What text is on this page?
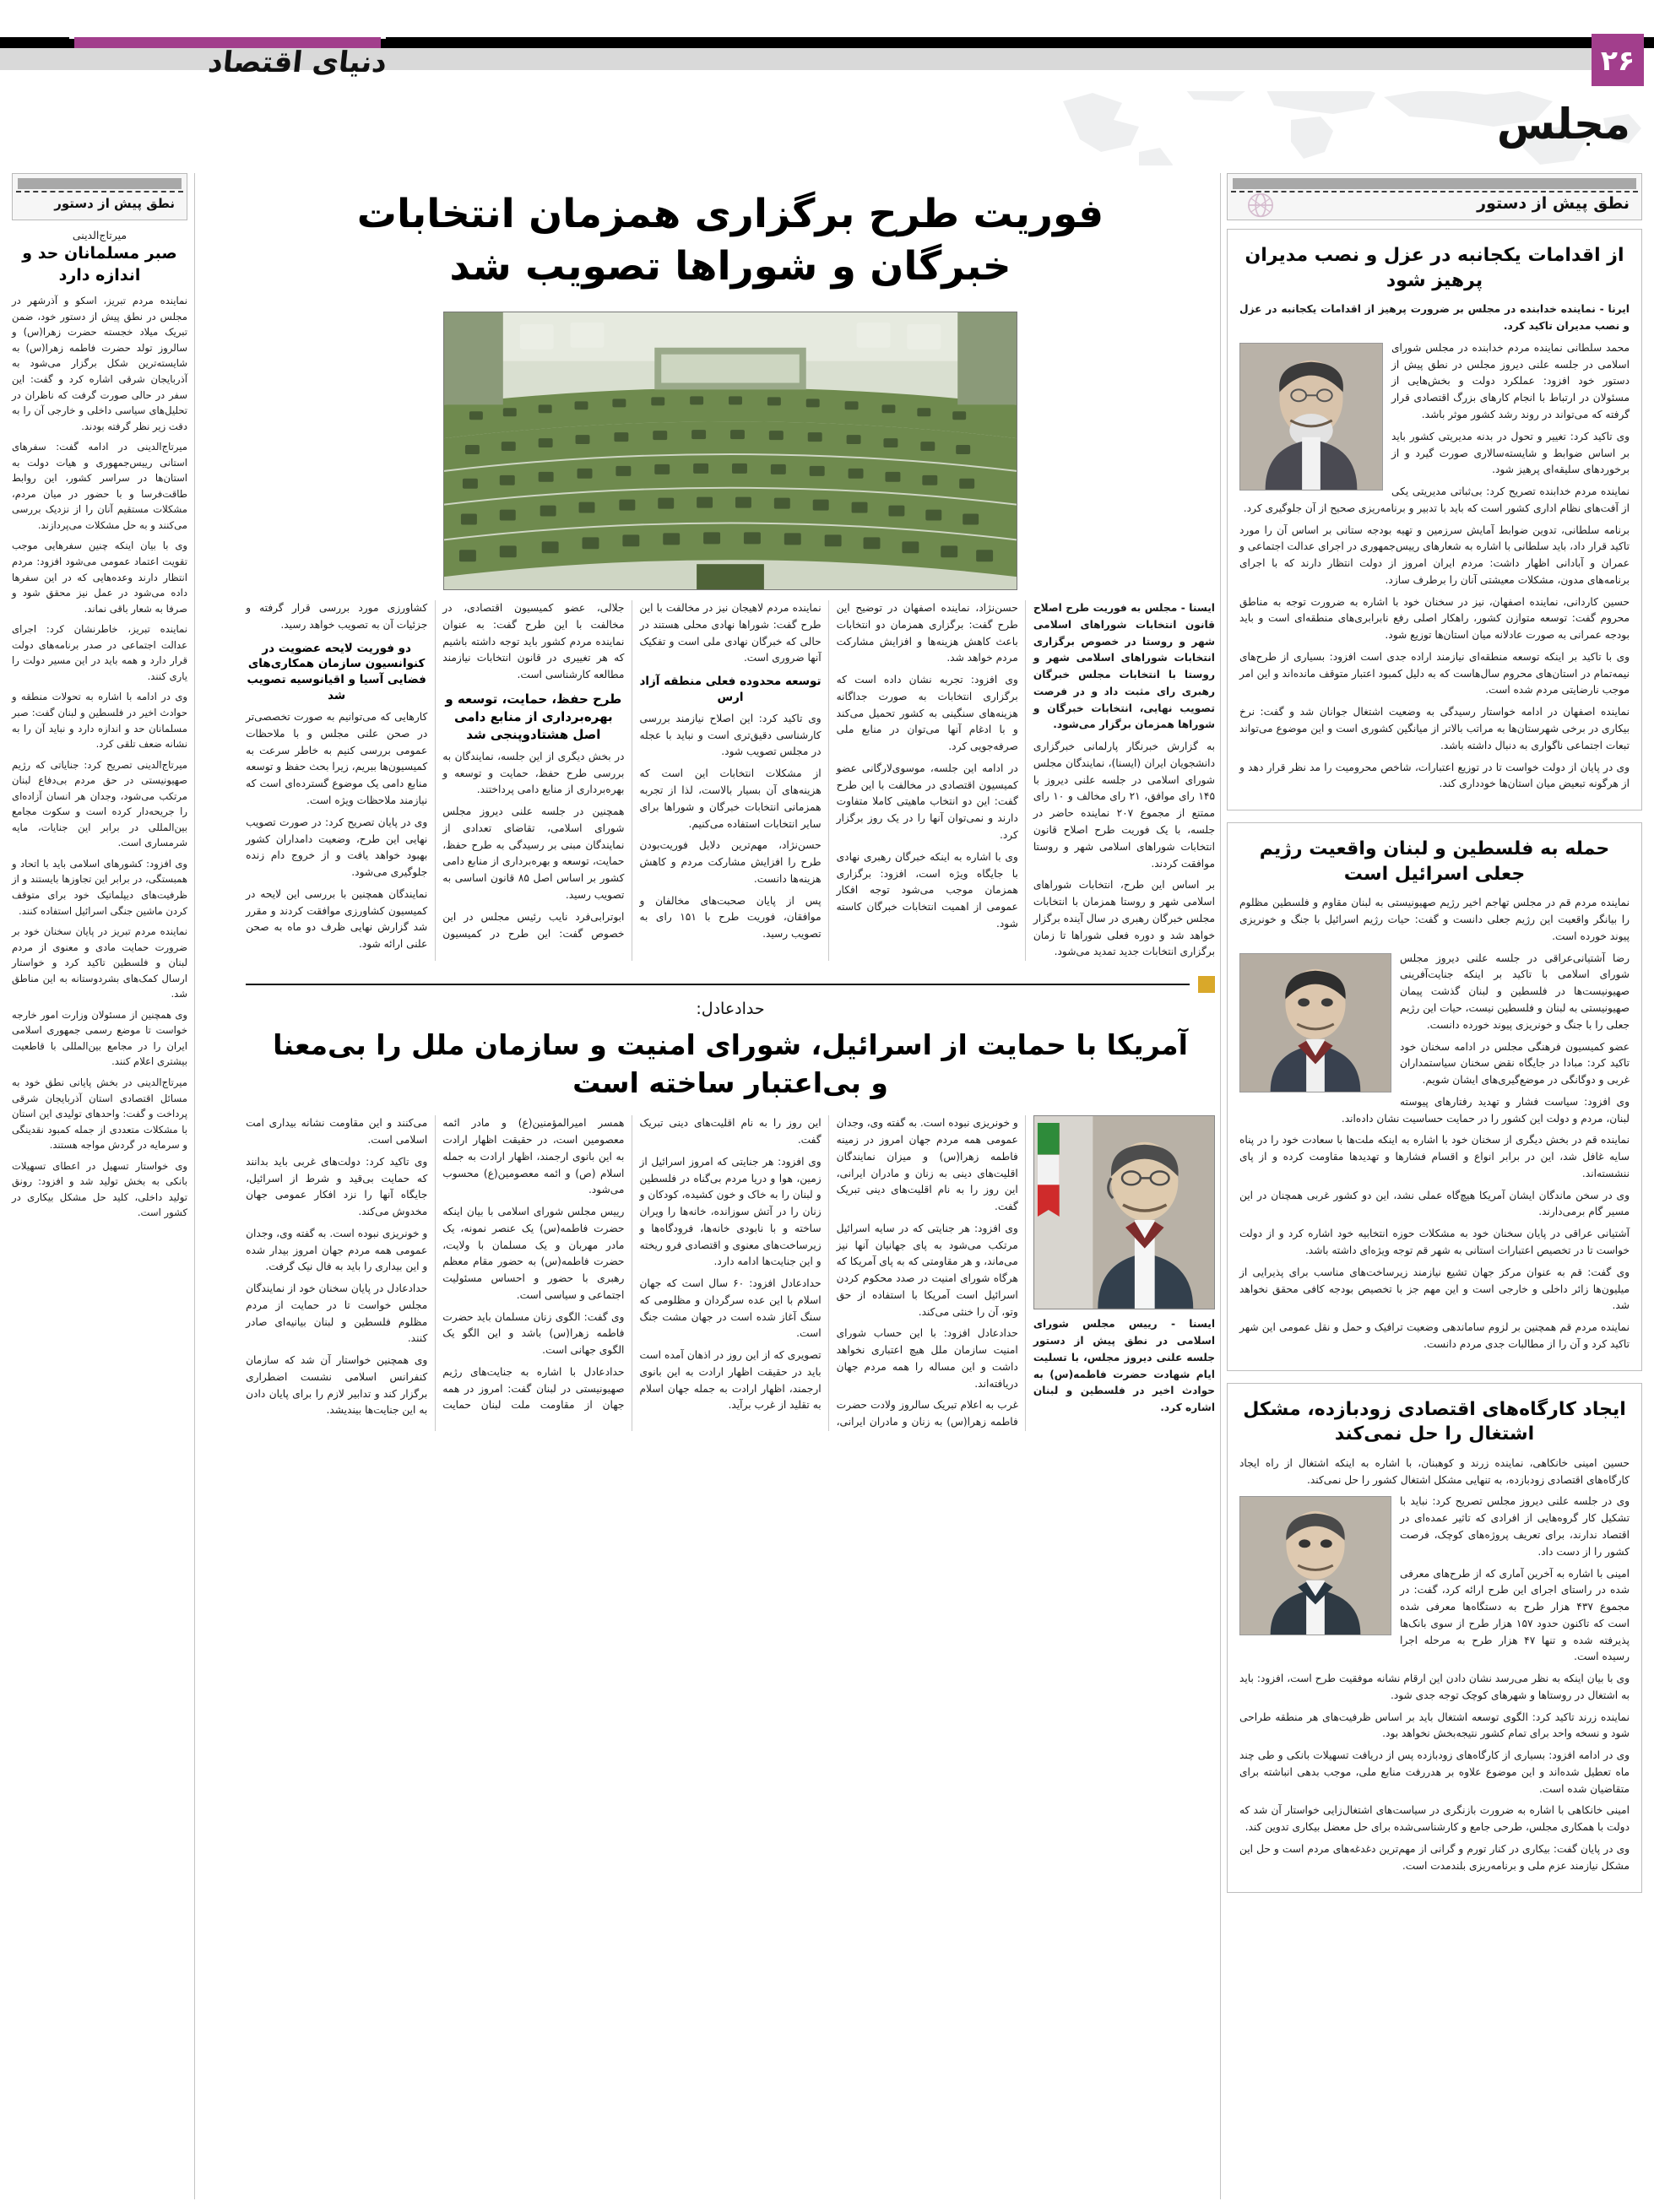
دنیای اقتصاد	۲۶
مجلس
نطق پیش از دستور
از اقدامات یکجانبه در عزل و نصب مدیران پرهیز شود

ایرنا - نماینده خدابنده در مجلس بر ضرورت پرهیز از اقدامات یکجانبه در عزل و نصب مدیران تاکید کرد.

محمد سلطانی نماینده مردم خدابنده در مجلس شورای اسلامی در جلسه علنی دیروز مجلس در نطق پیش از دستور خود افزود: عملکرد دولت و بخش‌هایی از مسئولان در ارتباط با انجام کارهای بزرگ اقتصادی قرار گرفته که می‌تواند در روند رشد کشور موثر باشد.

وی تاکید کرد: تغییر و تحول در بدنه مدیریتی کشور باید بر اساس ضوابط و شایسته‌سالاری صورت گیرد و از برخوردهای سلیقه‌ای پرهیز شود.

نماینده مردم خدابنده تصریح کرد: بی‌ثباتی مدیریتی یکی از آفت‌های نظام اداری کشور است که باید با تدبیر و برنامه‌ریزی صحیح از آن جلوگیری کرد.

برنامه سلطانی، تدوین ضوابط آمایش سرزمین و تهیه بودجه ستانی بر اساس آن را مورد تاکید قرار داد، باید سلطانی با اشاره به شعارهای رییس‌جمهوری در اجرای عدالت اجتماعی و عمران و آبادانی اظهار داشت: مردم ایران امروز از دولت انتظار دارند که با اجرای برنامه‌های مدون، مشکلات معیشتی آنان را برطرف سازد.

حسین کاردانی، نماینده اصفهان، نیز در سخنان خود با اشاره به ضرورت توجه به مناطق محروم گفت: توسعه متوازن کشور، راهکار اصلی رفع نابرابری‌های منطقه‌ای است و باید بودجه عمرانی به صورت عادلانه میان استان‌ها توزیع شود.

وی با تاکید بر اینکه توسعه منطقه‌ای نیازمند اراده جدی است افزود: بسیاری از طرح‌های نیمه‌تمام در استان‌های محروم سال‌هاست که به دلیل کمبود اعتبار متوقف مانده‌اند و این امر موجب نارضایتی مردم شده است.

نماینده اصفهان در ادامه خواستار رسیدگی به وضعیت اشتغال جوانان شد و گفت: نرخ بیکاری در برخی شهرستان‌ها به مراتب بالاتر از میانگین کشوری است و این موضوع می‌تواند تبعات اجتماعی ناگواری به دنبال داشته باشد.

وی در پایان از دولت خواست تا در توزیع اعتبارات، شاخص محرومیت را مد نظر قرار دهد و از هرگونه تبعیض میان استان‌ها خودداری کند.

حمله به فلسطین و لبنان واقعیت رژیم جعلی اسرائیل است

نماینده مردم قم در مجلس تهاجم اخیر رژیم صهیونیستی به لبنان مقاوم و فلسطین مظلوم را بیانگر واقعیت این رژیم جعلی دانست و گفت: حیات رژیم اسرائیل با جنگ و خونریزی پیوند خورده است.

رضا آشتیانی‌عراقی در جلسه علنی دیروز مجلس شورای اسلامی با تاکید بر اینکه جنایت‌آفرینی صهیونیست‌ها در فلسطین و لبنان گذشت پیمان صهیونیستی به لبنان و فلسطین نیست، حیات این رژیم جعلی را با جنگ و خونریزی پیوند خورده دانست.

عضو کمیسیون فرهنگی مجلس در ادامه سخنان خود تاکید کرد: مبادا در جایگاه نقض سخنان سیاستمداران غربی و دوگانگی در موضع‌گیری‌های ایشان شویم.

وی افزود: سیاست فشار و تهدید رفتارهای پیوسته لبنان، مردم و دولت این کشور را در حمایت حساسیت نشان داده‌اند.

نماینده قم در بخش دیگری از سخنان خود با اشاره به اینکه ملت‌ها با سعادت خود را در پناه سایه غافل شد، این در برابر انواع و اقسام فشارها و تهدیدها مقاومت کرده و از پای ننشسته‌اند.

وی در سخن ماندگان ایشان آمریکا هیچ‌گاه عملی نشد، این دو کشور غربی همچنان در این مسیر گام برمی‌دارند.

آشتیانی عراقی در پایان سخنان خود به مشکلات حوزه انتخابیه خود اشاره کرد و از دولت خواست تا در تخصیص اعتبارات استانی به شهر قم توجه ویژه‌ای داشته باشد.

وی گفت: قم به عنوان مرکز جهان تشیع نیازمند زیرساخت‌های مناسب برای پذیرایی از میلیون‌ها زائر داخلی و خارجی است و این مهم جز با تخصیص بودجه کافی محقق نخواهد شد.

نماینده مردم قم همچنین بر لزوم ساماندهی وضعیت ترافیک و حمل و نقل عمومی این شهر تاکید کرد و آن را از مطالبات جدی مردم دانست.

ایجاد کارگاه‌های اقتصادی زودبازده، مشکل اشتغال را حل نمی‌کند

حسین امینی خانکاهی، نماینده زرند و کوهبنان، با اشاره به اینکه اشتغال از راه ایجاد کارگاه‌های اقتصادی زودبازده، به تنهایی مشکل اشتغال کشور را حل نمی‌کند.

وی در جلسه علنی دیروز مجلس تصریح کرد: نباید با تشکیل کار گروه‌هایی از افرادی که تاثیر عمده‌ای در اقتصاد ندارند، برای تعریف پروژه‌های کوچک، فرصت کشور را از دست داد.

امینی با اشاره به آخرین آماری که از طرح‌های معرفی شده در راستای اجرای این طرح ارائه کرد، گفت: در مجموع ۴۳۷ هزار طرح به دستگاه‌ها معرفی شده است که تاکنون حدود ۱۵۷ هزار طرح از سوی بانک‌ها پذیرفته شده و تنها ۴۷ هزار طرح به مرحله اجرا رسیده است.

وی با بیان اینکه به نظر می‌رسد نشان دادن این ارقام نشانه موفقیت طرح است، افزود: باید به اشتغال در روستاها و شهرهای کوچک توجه جدی شود.

نماینده زرند تاکید کرد: الگوی توسعه اشتغال باید بر اساس ظرفیت‌های هر منطقه طراحی شود و نسخه واحد برای تمام کشور نتیجه‌بخش نخواهد بود.

وی در ادامه افزود: بسیاری از کارگاه‌های زودبازده پس از دریافت تسهیلات بانکی و طی چند ماه تعطیل شده‌اند و این موضوع علاوه بر هدررفت منابع ملی، موجب بدهی انباشته برای متقاضیان شده است.

امینی خانکاهی با اشاره به ضرورت بازنگری در سیاست‌های اشتغال‌زایی خواستار آن شد که دولت با همکاری مجلس، طرحی جامع و کارشناسی‌شده برای حل معضل بیکاری تدوین کند.

وی در پایان گفت: بیکاری در کنار تورم و گرانی از مهم‌ترین دغدغه‌های مردم است و حل این مشکل نیازمند عزم ملی و برنامه‌ریزی بلندمدت است.

فوریت طرح برگزاری همزمان انتخابات خبرگان و شوراها تصویب شد

ایسنا - مجلس به فوریت طرح اصلاح قانون انتخابات شوراهای اسلامی شهر و روستا در خصوص برگزاری انتخابات شوراهای اسلامی شهر و روستا با انتخابات مجلس خبرگان رهبری رای مثبت داد و در فرصت تصویب نهایی، انتخابات خبرگان و شوراها همزمان برگزار می‌شود.

به گزارش خبرنگار پارلمانی خبرگزاری دانشجویان ایران (ایسنا)، نمایندگان مجلس شورای اسلامی در جلسه علنی دیروز با ۱۴۵ رای موافق، ۲۱ رای مخالف و ۱۰ رای ممتنع از مجموع ۲۰۷ نماینده حاضر در جلسه، با یک فوریت طرح اصلاح قانون انتخابات شوراهای اسلامی شهر و روستا موافقت کردند.

بر اساس این طرح، انتخابات شوراهای اسلامی شهر و روستا همزمان با انتخابات مجلس خبرگان رهبری در سال آینده برگزار خواهد شد و دوره فعلی شوراها تا زمان برگزاری انتخابات جدید تمدید می‌شود.

حسن‌نژاد، نماینده اصفهان در توضیح این طرح گفت: برگزاری همزمان دو انتخابات باعث کاهش هزینه‌ها و افزایش مشارکت مردم خواهد شد.

وی افزود: تجربه نشان داده است که برگزاری انتخابات به صورت جداگانه هزینه‌های سنگینی به کشور تحمیل می‌کند و با ادغام آنها می‌توان در منابع ملی صرفه‌جویی کرد.

در ادامه این جلسه، موسوی‌لارگانی عضو کمیسیون اقتصادی در مخالفت با این طرح گفت: این دو انتخاب ماهیتی کاملا متفاوت دارند و نمی‌توان آنها را در یک روز برگزار کرد.

وی با اشاره به اینکه خبرگان رهبری نهادی با جایگاه ویژه است، افزود: برگزاری همزمان موجب می‌شود توجه افکار عمومی از اهمیت انتخابات خبرگان کاسته شود.

نماینده مردم لاهیجان نیز در مخالفت با این طرح گفت: شوراها نهادی محلی هستند در حالی که خبرگان نهادی ملی است و تفکیک آنها ضروری است.

توسعه محدوده فعلی منطقه آزاد ارس

وی تاکید کرد: این اصلاح نیازمند بررسی کارشناسی دقیق‌تری است و نباید با عجله در مجلس تصویب شود.

از مشکلات انتخابات این است که هزینه‌های آن بسیار بالاست، لذا از تجربه همزمانی انتخابات خبرگان و شوراها برای سایر انتخابات استفاده می‌کنیم.

حسن‌نژاد، مهم‌ترین دلایل فوریت‌بودن طرح را افزایش مشارکت مردم و کاهش هزینه‌ها دانست.

پس از پایان صحبت‌های مخالفان و موافقان، فوریت طرح با ۱۵۱ رای به تصویب رسید.

جلالی، عضو کمیسیون اقتصادی، در مخالفت با این طرح گفت: به عنوان نماینده مردم کشور باید توجه داشته باشیم که هر تغییری در قانون انتخابات نیازمند مطالعه کارشناسی است.

طرح حفظ، حمایت، توسعه و بهره‌برداری از منابع دامی اصل هشتادوپنجی شد

در بخش دیگری از این جلسه، نمایندگان به بررسی طرح حفظ، حمایت و توسعه و بهره‌برداری از منابع دامی پرداختند.

همچنین در جلسه علنی دیروز مجلس شورای اسلامی، تقاضای تعدادی از نمایندگان مبنی بر رسیدگی به طرح حفظ، حمایت، توسعه و بهره‌برداری از منابع دامی کشور بر اساس اصل ۸۵ قانون اساسی به تصویب رسید.

ابوترابی‌فرد نایب رئیس مجلس در این خصوص گفت: این طرح در کمیسیون کشاورزی مورد بررسی قرار گرفته و جزئیات آن به تصویب خواهد رسید.

دو فوریت لایحه عضویت در کنوانسیون سازمان همکاری‌های فضایی آسیا و اقیانوسیه تصویب شد

کارهایی که می‌توانیم به صورت تخصصی‌تر در صحن علنی مجلس و با ملاحظات عمومی بررسی کنیم به خاطر سرعت به کمیسیون‌ها ببریم، زیرا بحث حفظ و توسعه منابع دامی یک موضوع گسترده‌ای است که نیازمند ملاحظات ویژه است.

وی در پایان تصریح کرد: در صورت تصویب نهایی این طرح، وضعیت دامداران کشور بهبود خواهد یافت و از خروج دام زنده جلوگیری می‌شود.

نمایندگان همچنین با بررسی این لایحه در کمیسیون کشاورزی موافقت کردند و مقرر شد گزارش نهایی ظرف دو ماه به صحن علنی ارائه شود.

حدادعادل:
آمریکا با حمایت از اسرائیل، شورای امنیت و سازمان ملل را بی‌معنا و بی‌اعتبار ساخته است

ایسنا - رییس مجلس شورای اسلامی در نطق پیش از دستور جلسه علنی دیروز مجلس، با تسلیت ایام شهادت حضرت فاطمه(س) به حوادث اخیر در فلسطین و لبنان اشاره کرد.

و خونریزی نبوده است. به گفته وی، وجدان عمومی همه مردم جهان امروز در زمینه فاطمه زهرا(س) و میزان نمایندگان اقلیت‌های دینی به زنان و مادران ایرانی، این روز را به نام اقلیت‌های دینی تبریک گفت.

وی افزود: هر جنایتی که در سایه اسرائیل مرتکب می‌شود به پای جهانیان آنها نیز می‌ماند، و هر مقاومتی که به پای آمریکا که هرگاه شورای امنیت در صدد محکوم کردن اسرائیل است آمریکا با استفاده از حق وتو، آن را خنثی می‌کند.

حدادعادل افزود: با این حساب شورای امنیت سازمان ملل هیچ اعتباری نخواهد داشت و این مساله را همه مردم جهان دریافته‌اند.

غرب به اعلام تبریک سالروز ولادت حضرت فاطمه زهرا(س) به زنان و مادران ایرانی، این روز را به نام اقلیت‌های دینی تبریک گفت.

وی افزود: هر جنایتی که امروز اسرائیل از زمین، هوا و دریا مردم بی‌گناه در فلسطین و لبنان را به خاک و خون کشیده، کودکان و زنان را در آتش سوزانده، خانه‌ها را ویران ساخته و با نابودی خانه‌ها، فرودگاه‌ها و زیرساخت‌های معنوی و اقتصادی فرو ریخته و این جنایت‌ها ادامه دارد.

حدادعادل افزود: ۶۰ سال است که جهان اسلام با این عده سرگردان و مظلومی که سنگ آغاز شده است در جهان مشت جنگ است.

تصویری که از این روز در اذهان آمده است باید در حقیقت اظهار ارادت به این بانوی ارجمند، اظهار ارادت به جمله جهان اسلام به تقلید از غرب برآید.

همسر امیرالمؤمنین(ع) و مادر ائمه معصومین است، در حقیقت اظهار ارادت به این بانوی ارجمند، اظهار ارادت به جمله اسلام (ص) و ائمه معصومین(ع) محسوب می‌شود.

رییس مجلس شورای اسلامی با بیان اینکه حضرت فاطمه(س) یک عنصر نمونه، یک مادر مهربان و یک مسلمان با ولایت، حضرت فاطمه(س) به حضور مقام معظم رهبری با حضور و احساس مسئولیت اجتماعی و سیاسی است.

وی گفت: الگوی زنان مسلمان باید حضرت فاطمه زهرا(س) باشد و این الگو یک الگوی جهانی است.

حدادعادل با اشاره به جنایت‌های رژیم صهیونیستی در لبنان گفت: امروز در همه جهان از مقاومت ملت لبنان حمایت می‌کنند و این مقاومت نشانه بیداری امت اسلامی است.

وی تاکید کرد: دولت‌های غربی باید بدانند که حمایت بی‌قید و شرط از اسرائیل، جایگاه آنها را نزد افکار عمومی جهان مخدوش می‌کند.

و خونریزی نبوده است. به گفته وی، وجدان عمومی همه مردم جهان امروز بیدار شده و این بیداری را باید به فال نیک گرفت.

حدادعادل در پایان سخنان خود از نمایندگان مجلس خواست تا در حمایت از مردم مظلوم فلسطین و لبنان بیانیه‌ای صادر کنند.

وی همچنین خواستار آن شد که سازمان کنفرانس اسلامی نشست اضطراری برگزار کند و تدابیر لازم را برای پایان دادن به این جنایت‌ها بیندیشد.

نطق پیش از دستور
میرتاج‌الدینی
صبر مسلمانان حد و اندازه دارد

نماینده مردم تبریز، اسکو و آذرشهر در مجلس در نطق پیش از دستور خود، ضمن تبریک میلاد خجسته حضرت زهرا(س) و سالروز تولد حضرت فاطمه زهرا(س) به شایسته‌ترین شکل برگزار می‌شود به آذربایجان شرقی اشاره کرد و گفت: این سفر در حالی صورت گرفت که ناظران در تحلیل‌های سیاسی داخلی و خارجی آن را به دقت زیر نظر گرفته بودند.

میرتاج‌الدینی در ادامه گفت: سفرهای استانی رییس‌جمهوری و هیات دولت به استان‌ها در سراسر کشور، این روابط طاقت‌فرسا و با حضور در میان مردم، مشکلات مستقیم آنان را از نزدیک بررسی می‌کنند و به حل مشکلات می‌پردازند.

وی با بیان اینکه چنین سفرهایی موجب تقویت اعتماد عمومی می‌شود افزود: مردم انتظار دارند وعده‌هایی که در این سفرها داده می‌شود در عمل نیز محقق شود و صرفا به شعار باقی نماند.

نماینده تبریز، خاطرنشان کرد: اجرای عدالت اجتماعی در صدر برنامه‌های دولت قرار دارد و همه باید در این مسیر دولت را یاری کنند.

وی در ادامه با اشاره به تحولات منطقه و حوادث اخیر در فلسطین و لبنان گفت: صبر مسلمانان حد و اندازه دارد و نباید آن را به نشانه ضعف تلقی کرد.

میرتاج‌الدینی تصریح کرد: جنایاتی که رژیم صهیونیستی در حق مردم بی‌دفاع لبنان مرتکب می‌شود، وجدان هر انسان آزاده‌ای را جریحه‌دار کرده است و سکوت مجامع بین‌المللی در برابر این جنایات، مایه شرمساری است.

وی افزود: کشورهای اسلامی باید با اتحاد و همبستگی، در برابر این تجاوزها بایستند و از ظرفیت‌های دیپلماتیک خود برای متوقف کردن ماشین جنگی اسرائیل استفاده کنند.

نماینده مردم تبریز در پایان سخنان خود بر ضرورت حمایت مادی و معنوی از مردم لبنان و فلسطین تاکید کرد و خواستار ارسال کمک‌های بشردوستانه به این مناطق شد.

وی همچنین از مسئولان وزارت امور خارجه خواست تا موضع رسمی جمهوری اسلامی ایران را در مجامع بین‌المللی با قاطعیت بیشتری اعلام کنند.

میرتاج‌الدینی در بخش پایانی نطق خود به مسائل اقتصادی استان آذربایجان شرقی پرداخت و گفت: واحدهای تولیدی این استان با مشکلات متعددی از جمله کمبود نقدینگی و سرمایه در گردش مواجه هستند.

وی خواستار تسهیل در اعطای تسهیلات بانکی به بخش تولید شد و افزود: رونق تولید داخلی، کلید حل مشکل بیکاری در کشور است.
